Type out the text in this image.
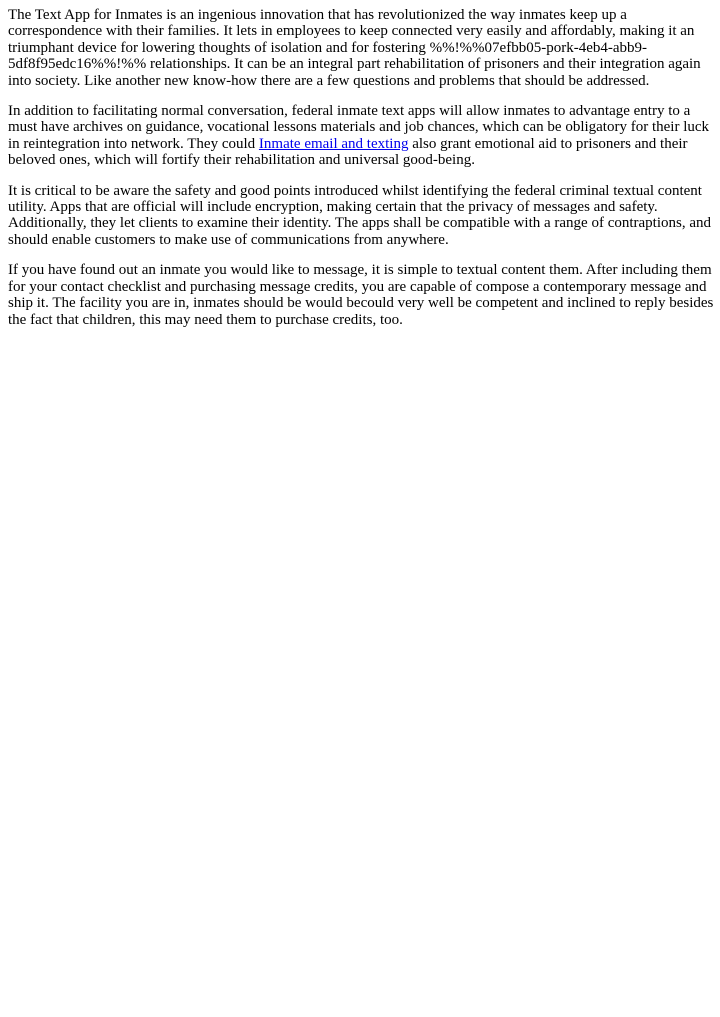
The Text App for Inmates is an ingenious innovation that has revolutionized the way inmates keep up a correspondence with their families. It lets in employees to keep connected very easily and affordably, making it an triumphant device for lowering thoughts of isolation and for fostering %%!%%07efbb05-pork-4eb4-abb9-5df8f95edc16%%!%% relationships. It can be an integral part rehabilitation of prisoners and their integration again into society. Like another new know-how there are a few questions and problems that should be addressed.

In addition to facilitating normal conversation, federal inmate text apps will allow inmates to advantage entry to a must have archives on guidance, vocational lessons materials and job chances, which can be obligatory for their luck in reintegration into network. They could Inmate email and texting also grant emotional aid to prisoners and their beloved ones, which will fortify their rehabilitation and universal good-being.

It is critical to be aware the safety and good points introduced whilst identifying the federal criminal textual content utility. Apps that are official will include encryption, making certain that the privacy of messages and safety. Additionally, they let clients to examine their identity. The apps shall be compatible with a range of contraptions, and should enable customers to make use of communications from anywhere.

If you have found out an inmate you would like to message, it is simple to textual content them. After including them for your contact checklist and purchasing message credits, you are capable of compose a contemporary message and ship it. The facility you are in, inmates should be would becould very well be competent and inclined to reply besides the fact that children, this may need them to purchase credits, too.
